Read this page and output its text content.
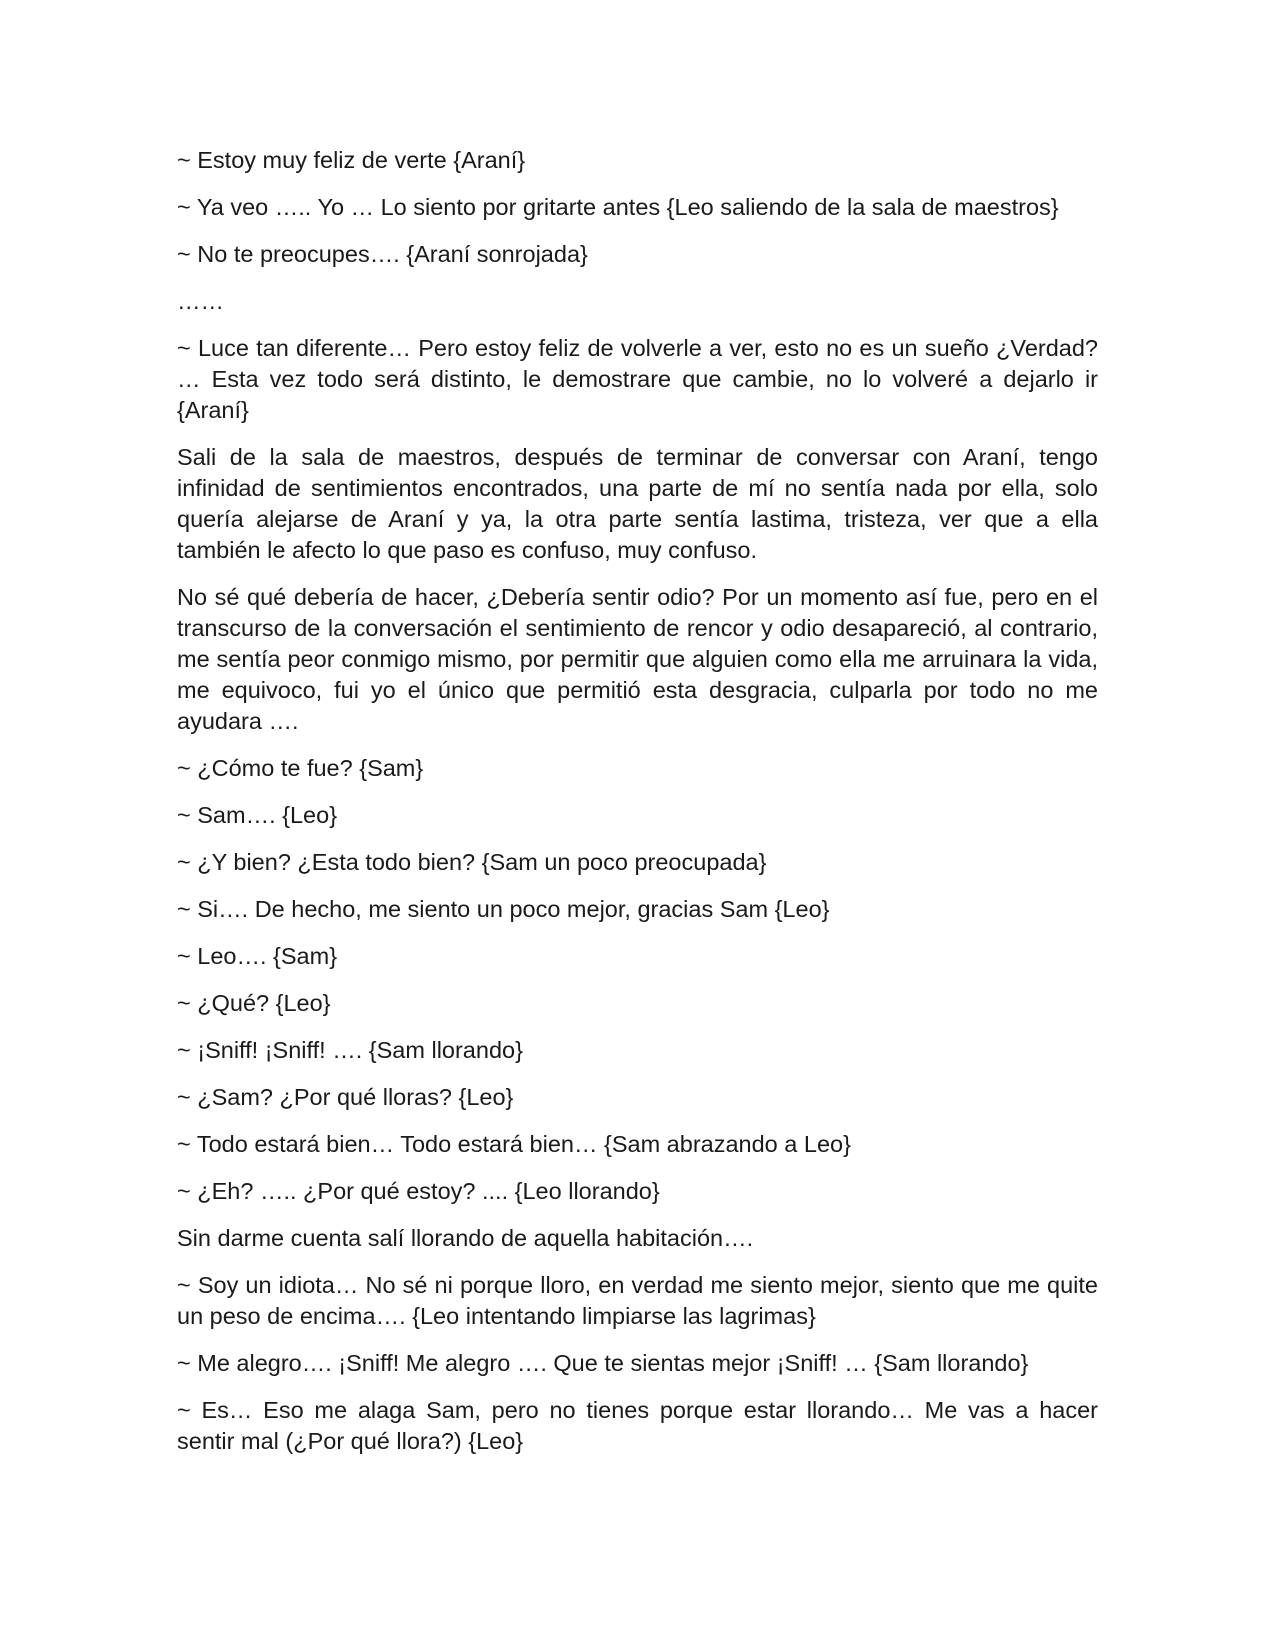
~ Estoy muy feliz de verte {Araní}

~ Ya veo ….. Yo … Lo siento por gritarte antes {Leo saliendo de la sala de maestros}

~ No te preocupes…. {Araní sonrojada}

……

~ Luce tan diferente… Pero estoy feliz de volverle a ver, esto no es un sueño ¿Verdad? … Esta vez todo será distinto, le demostrare que cambie, no lo volveré a dejarlo ir {Araní}

Sali de la sala de maestros, después de terminar de conversar con Araní, tengo infinidad de sentimientos encontrados, una parte de mí no sentía nada por ella, solo quería alejarse de Araní y ya, la otra parte sentía lastima, tristeza, ver que a ella también le afecto lo que paso es confuso, muy confuso.

No sé qué debería de hacer, ¿Debería sentir odio? Por un momento así fue, pero en el transcurso de la conversación el sentimiento de rencor y odio desapareció, al contrario, me sentía peor conmigo mismo, por permitir que alguien como ella me arruinara la vida, me equivoco, fui yo el único que permitió esta desgracia, culparla por todo no me ayudara ….

~ ¿Cómo te fue? {Sam}

~ Sam…. {Leo}

~ ¿Y bien? ¿Esta todo bien? {Sam un poco preocupada}

~ Si…. De hecho, me siento un poco mejor, gracias Sam {Leo}

~ Leo…. {Sam}

~ ¿Qué? {Leo}

~ ¡Sniff! ¡Sniff! …. {Sam llorando}

~ ¿Sam? ¿Por qué lloras? {Leo}

~ Todo estará bien… Todo estará bien… {Sam abrazando a Leo}

~ ¿Eh? ….. ¿Por qué estoy? .... {Leo llorando}

Sin darme cuenta salí llorando de aquella habitación….

~ Soy un idiota… No sé ni porque lloro, en verdad me siento mejor, siento que me quite un peso de encima…. {Leo intentando limpiarse las lagrimas}

~ Me alegro…. ¡Sniff! Me alegro …. Que te sientas mejor ¡Sniff! … {Sam llorando}

~ Es… Eso me alaga Sam, pero no tienes porque estar llorando… Me vas a hacer sentir mal (¿Por qué llora?) {Leo}
